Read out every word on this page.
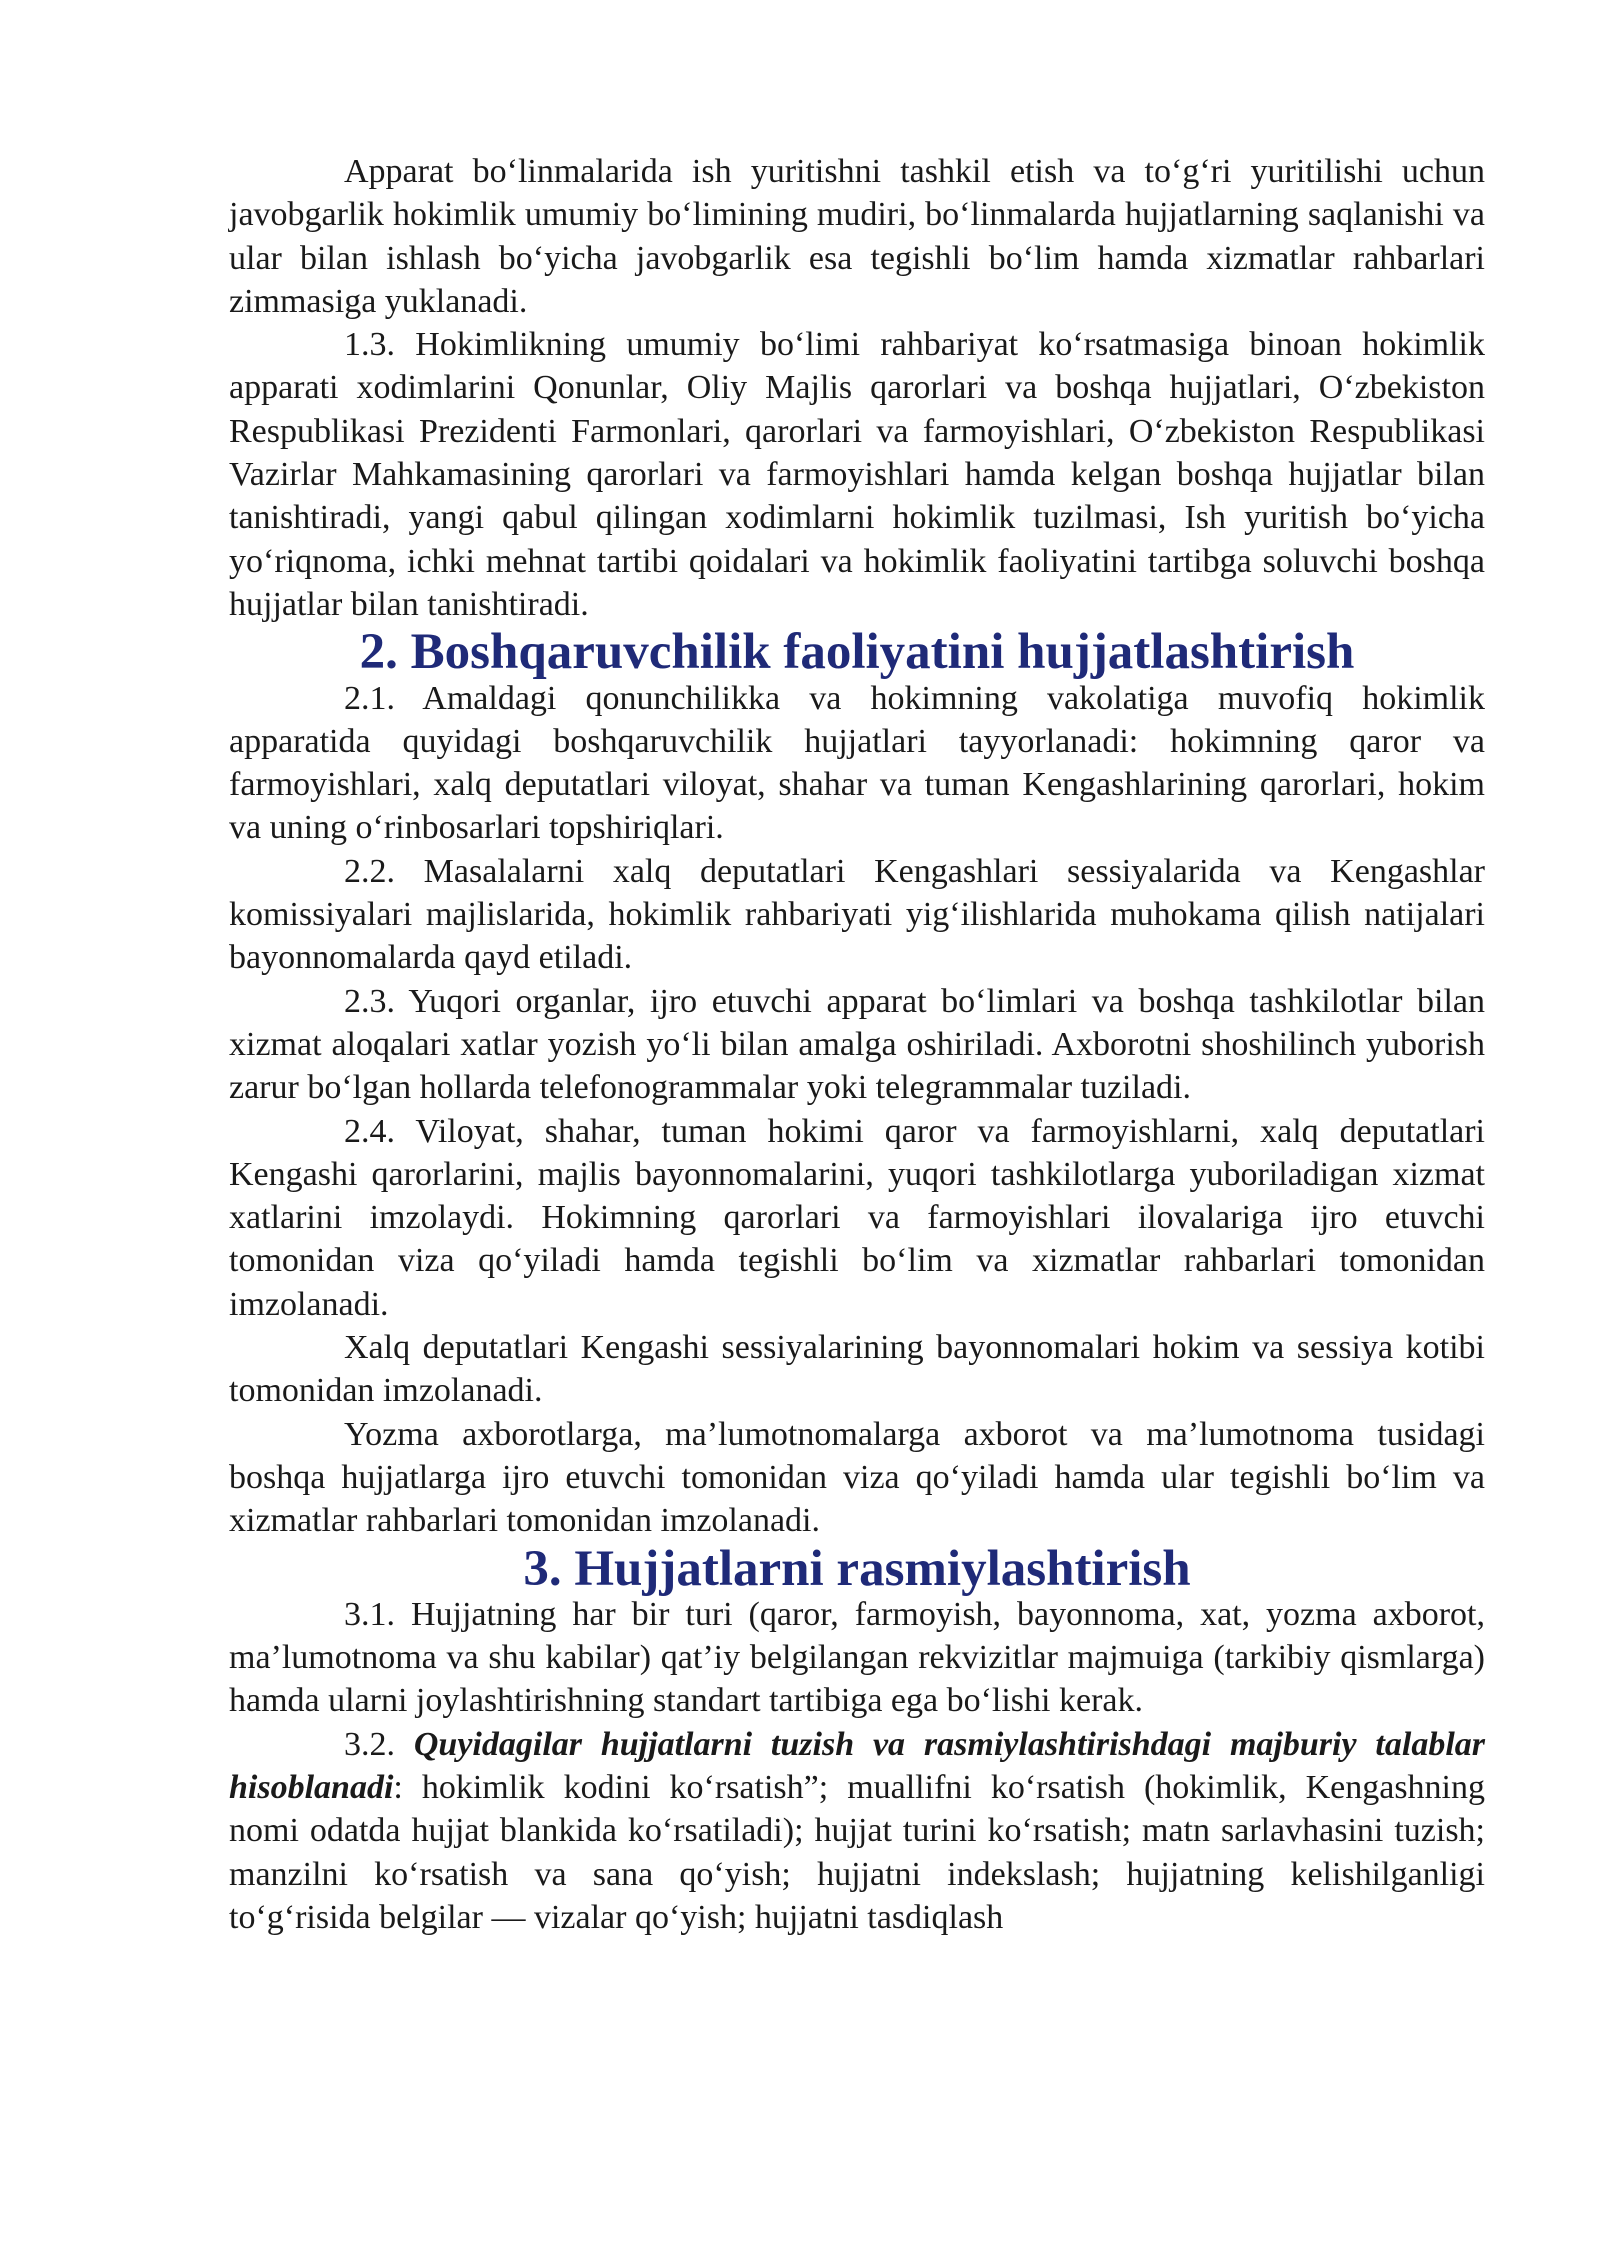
Apparat bo‘linmalarida ish yuritishni tashkil etish va to‘g‘ri yuritilishi uchun javobgarlik hokimlik umumiy bo‘limining mudiri, bo‘linmalarda hujjatlarning saqlanishi va ular bilan ishlash bo‘yicha javobgarlik esa tegishli bo‘lim hamda xizmatlar rahbarlari zimmasiga yuklanadi.

1.3. Hokimlikning umumiy bo‘limi rahbariyat ko‘rsatmasiga binoan hokimlik apparati xodimlarini Qonunlar, Oliy Majlis qarorlari va boshqa hujjatlari, O‘zbekiston Respublikasi Prezidenti Farmonlari, qarorlari va farmoyishlari, O‘zbekiston Respublikasi Vazirlar Mahkamasining qarorlari va farmoyishlari hamda kelgan boshqa hujjatlar bilan tanishtiradi, yangi qabul qilingan xodimlarni hokimlik tuzilmasi, Ish yuritish bo‘yicha yo‘riqnoma, ichki mehnat tartibi qoidalari va hokimlik faoliyatini tartibga soluvchi boshqa hujjatlar bilan tanishtiradi.

2. Boshqaruvchilik faoliyatini hujjatlashtirish

2.1. Amaldagi qonunchilikka va hokimning vakolatiga muvofiq hokimlik apparatida quyidagi boshqaruvchilik hujjatlari tayyorlanadi: hokimning qaror va farmoyishlari, xalq deputatlari viloyat, shahar va tuman Kengashlarining qarorlari, hokim va uning o‘rinbosarlari topshiriqlari.

2.2. Masalalarni xalq deputatlari Kengashlari sessiyalarida va Kengashlar komissiyalari majlislarida, hokimlik rahbariyati yig‘ilishlarida muhokama qilish natijalari bayonnomalarda qayd etiladi.

2.3. Yuqori organlar, ijro etuvchi apparat bo‘limlari va boshqa tashkilotlar bilan xizmat aloqalari xatlar yozish yo‘li bilan amalga oshiriladi. Axborotni shoshilinch yuborish zarur bo‘lgan hollarda telefonogrammalar yoki telegrammalar tuziladi.

2.4. Viloyat, shahar, tuman hokimi qaror va farmoyishlarni, xalq deputatlari Kengashi qarorlarini, majlis bayonnomalarini, yuqori tashkilotlarga yuboriladigan xizmat xatlarini imzolaydi. Hokimning qarorlari va farmoyishlari ilovalariga ijro etuvchi tomonidan viza qo‘yiladi hamda tegishli bo‘lim va xizmatlar rahbarlari tomonidan imzolanadi.

Xalq deputatlari Kengashi sessiyalarining bayonnomalari hokim va sessiya kotibi tomonidan imzolanadi.

Yozma axborotlarga, ma’lumotnomalarga axborot va ma’lumotnoma tusidagi boshqa hujjatlarga ijro etuvchi tomonidan viza qo‘yiladi hamda ular tegishli bo‘lim va xizmatlar rahbarlari tomonidan imzolanadi.

3. Hujjatlarni rasmiylashtirish

3.1. Hujjatning har bir turi (qaror, farmoyish, bayonnoma, xat, yozma axborot, ma’lumotnoma va shu kabilar) qat’iy belgilangan rekvizitlar majmuiga (tarkibiy qismlarga) hamda ularni joylashtirishning standart tartibiga ega bo‘lishi kerak.

3.2. Quyidagilar hujjatlarni tuzish va rasmiylashtirishdagi majburiy talablar hisoblanadi: hokimlik kodini ko‘rsatish”; muallifni ko‘rsatish (hokimlik, Kengashning nomi odatda hujjat blankida ko‘rsatiladi); hujjat turini ko‘rsatish; matn sarlavhasini tuzish; manzilni ko‘rsatish va sana qo‘yish; hujjatni indekslash; hujjatning kelishilganligi to‘g‘risida belgilar — vizalar qo‘yish; hujjatni tasdiqlash
